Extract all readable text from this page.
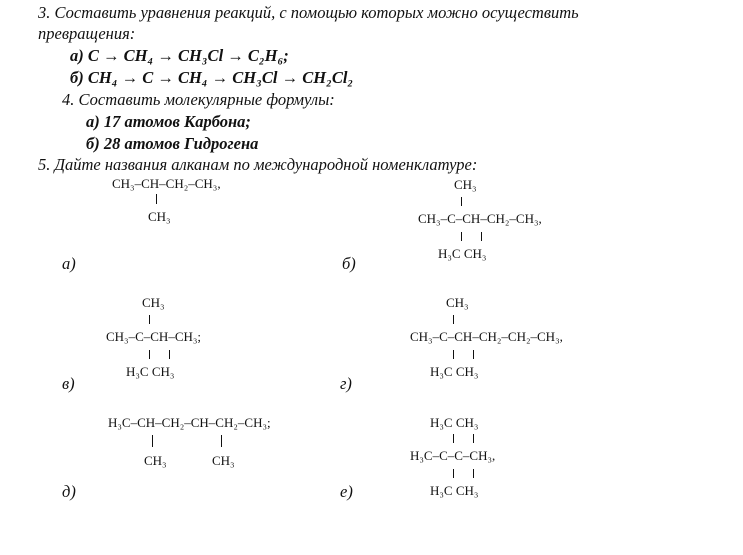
3. Составить уравнения реакций, с помощью которых можно осуществить
превращения:
а) C → CH₄ → CH₃Cl → C₂H₆;
б) CH₄ → C → CH₄ → CH₃Cl → CH₂Cl₂
4. Составить молекулярные формулы:
а) 17 атомов Карбона;
б) 28 атомов Гидрогена
5. Дайте названия алканам по международной номенклатуре:
CH₃–CH–CH₂–CH₃,
CH₃
а)
CH₃
CH₃–C–CH–CH₂–CH₃,
H₃C CH₃
б)
CH₃
CH₃–C–CH–CH₃;
H₃C CH₃
в)
CH₃
CH₃–C–CH–CH₂–CH₂–CH₃,
H₃C CH₃
г)
H₃C–CH–CH₂–CH–CH₂–CH₃;
CH₃	CH₃
д)
H₃C CH₃
H₃C–C–C–CH₃,
H₃C CH₃
е)
